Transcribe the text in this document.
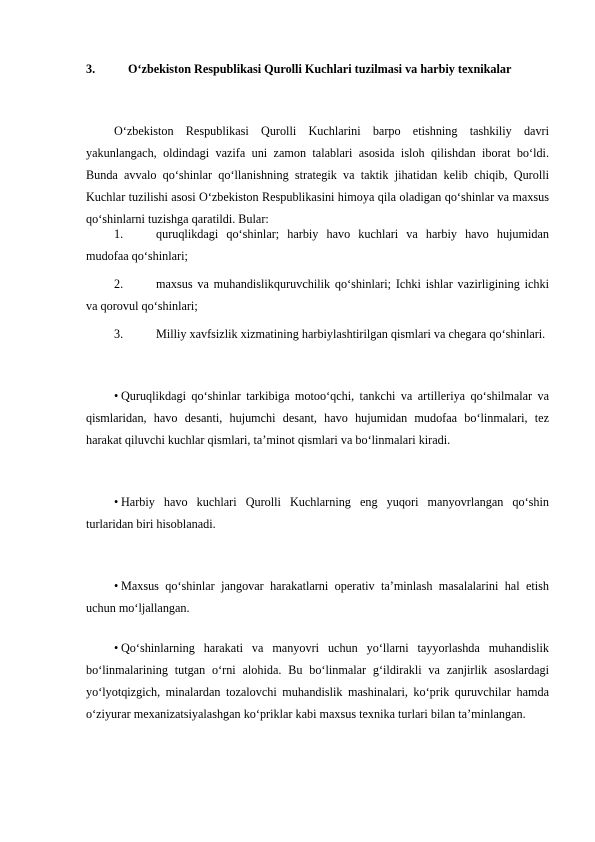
3.	O‘zbekiston Respublikasi Qurolli Kuchlari tuzilmasi va harbiy texnikalar

O‘zbekiston Respublikasi Qurolli Kuchlarini barpo etishning tashkiliy davri yakunlangach, oldindagi vazifa uni zamon talablari asosida isloh qilishdan iborat bo‘ldi. Bunda avvalo qo‘shinlar qo‘llanishning strategik va taktik jihatidan kelib chiqib, Qurolli Kuchlar tuzilishi asosi O‘zbekiston Respublikasini himoya qila oladigan qo‘shinlar va maxsus qo‘shinlarni tuzishga qaratildi. Bular:

1.	quruqlikdagi qo‘shinlar; harbiy havo kuchlari va harbiy havo hujumidan mudofaa qo‘shinlari;

2.	maxsus va muhandislikquruvchilik qo‘shinlari; Ichki ishlar vazirligining ichki va qorovul qo‘shinlari;

3.	Milliy xavfsizlik xizmatining harbiylashtirilgan qismlari va chegara qo‘shinlari.

• Quruqlikdagi qo‘shinlar tarkibiga motoo‘qchi, tankchi va artilleriya qo‘shilmalar va qismlaridan, havo desanti, hujumchi desant, havo hujumidan mudofaa bo‘linmalari, tez harakat qiluvchi kuchlar qismlari, ta’minot qismlari va bo‘linmalari kiradi.

• Harbiy havo kuchlari Qurolli Kuchlarning eng yuqori manyovrlangan qo‘shin turlaridan biri hisoblanadi.

• Maxsus qo‘shinlar jangovar harakatlarni operativ ta’minlash masalalarini hal etish uchun mo‘ljallangan.

• Qo‘shinlarning harakati va manyovri uchun yo‘llarni tayyorlashda muhandislik bo‘linmalarining tutgan o‘rni alohida. Bu bo‘linmalar g‘ildirakli va zanjirlik asoslardagi yo‘lyotqizgich, minalardan tozalovchi muhandislik mashinalari, ko‘prik quruvchilar hamda o‘ziyurar mexanizatsiyalashgan ko‘priklar kabi maxsus texnika turlari bilan ta’minlangan.
